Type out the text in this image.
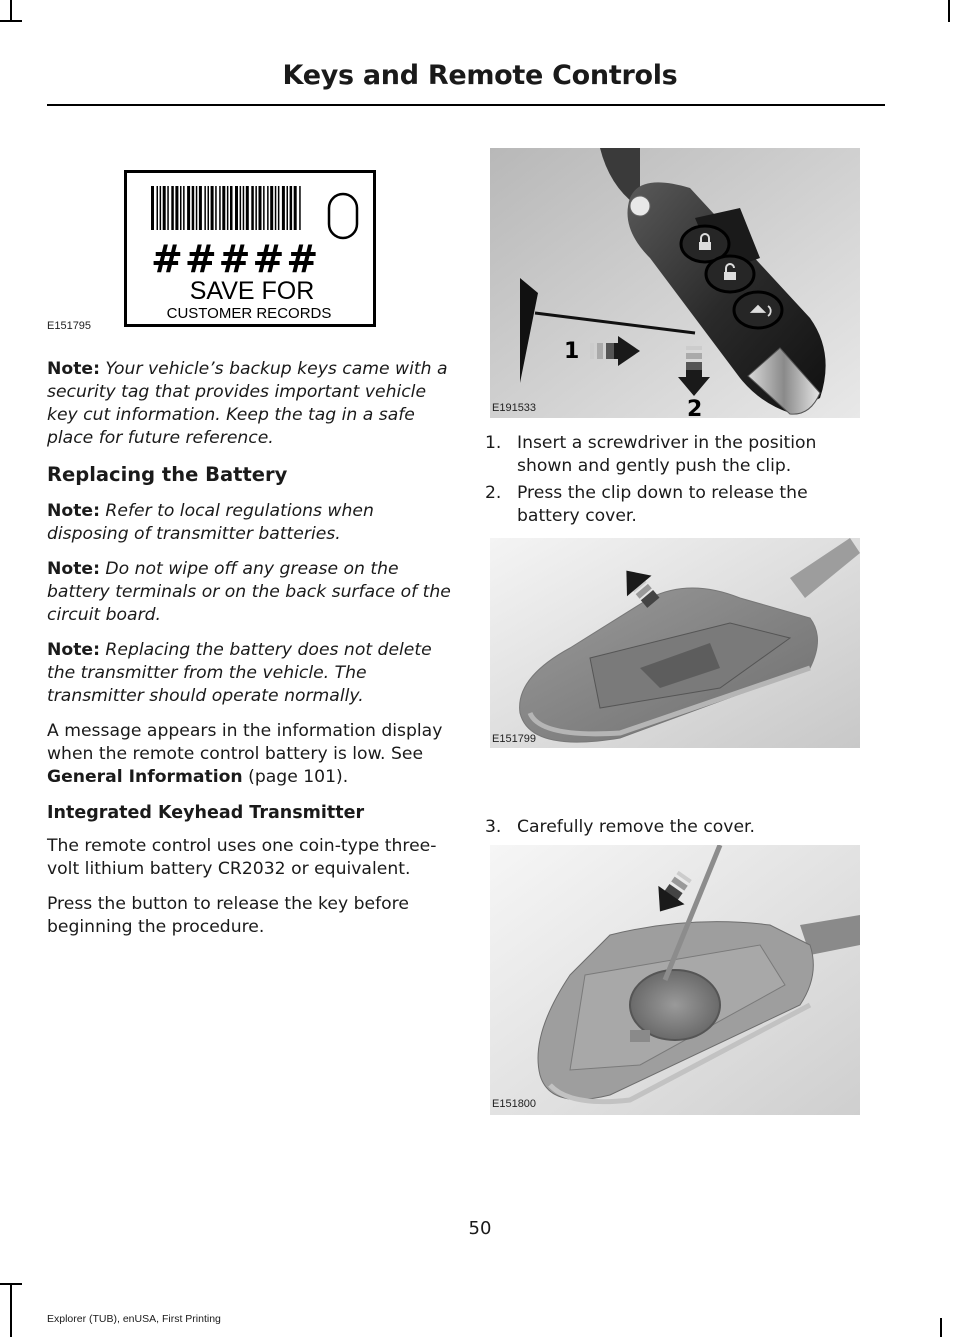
Keys and Remote Controls
#####
SAVE FOR
CUSTOMER RECORDS
E151795
1
2
E191533
E151799
E151800

Note: Your vehicle’s backup keys came with a security tag that provides important vehicle key cut information. Keep the tag in a safe place for future reference.

Replacing the Battery

Note: Refer to local regulations when disposing of transmitter batteries.

Note: Do not wipe off any grease on the battery terminals or on the back surface of the circuit board.

Note: Replacing the battery does not delete the transmitter from the vehicle. The transmitter should operate normally.

A message appears in the information display when the remote control battery is low. See General Information (page 101).

Integrated Keyhead Transmitter

The remote control uses one coin-type three-volt lithium battery CR2032 or equivalent.

Press the button to release the key before beginning the procedure.

1. Insert a screwdriver in the position shown and gently push the clip.
2. Press the clip down to release the battery cover.
3. Carefully remove the cover.
50
Explorer (TUB), enUSA, First Printing
